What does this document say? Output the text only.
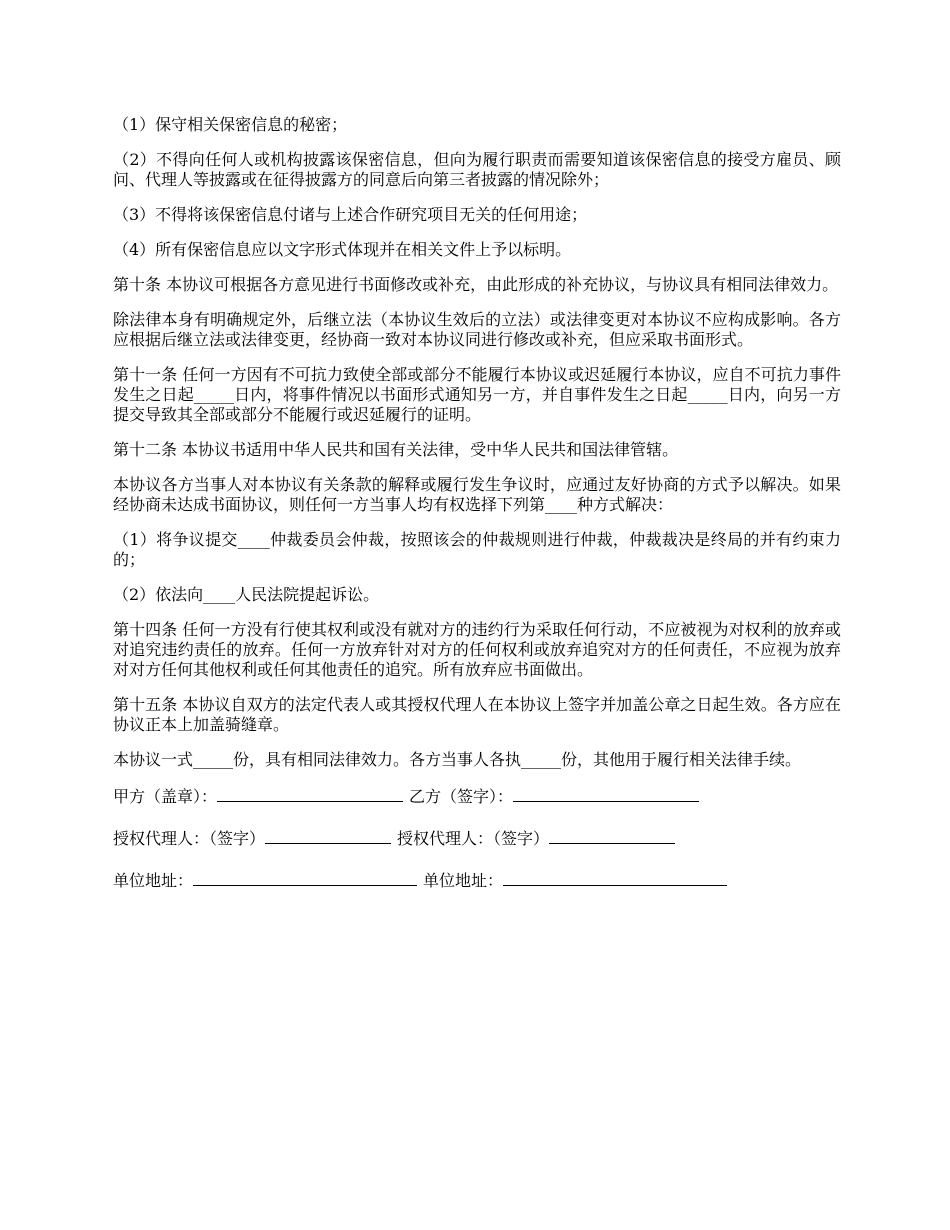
（1）保守相关保密信息的秘密；

（2）不得向任何人或机构披露该保密信息，但向为履行职责而需要知道该保密信息的接受方雇员、顾问、代理人等披露或在征得披露方的同意后向第三者披露的情况除外；

（3）不得将该保密信息付诸与上述合作研究项目无关的任何用途；

（4）所有保密信息应以文字形式体现并在相关文件上予以标明。

第十条 本协议可根据各方意见进行书面修改或补充，由此形成的补充协议，与协议具有相同法律效力。

除法律本身有明确规定外，后继立法（本协议生效后的立法）或法律变更对本协议不应构成影响。各方应根据后继立法或法律变更，经协商一致对本协议同进行修改或补充，但应采取书面形式。

第十一条 任何一方因有不可抗力致使全部或部分不能履行本协议或迟延履行本协议，应自不可抗力事件发生之日起_____日内，将事件情况以书面形式通知另一方，并自事件发生之日起_____日内，向另一方提交导致其全部或部分不能履行或迟延履行的证明。

第十二条 本协议书适用中华人民共和国有关法律，受中华人民共和国法律管辖。

本协议各方当事人对本协议有关条款的解释或履行发生争议时，应通过友好协商的方式予以解决。如果经协商未达成书面协议，则任何一方当事人均有权选择下列第____种方式解决：

（1）将争议提交____仲裁委员会仲裁，按照该会的仲裁规则进行仲裁，仲裁裁决是终局的并有约束力的；

（2）依法向____人民法院提起诉讼。

第十四条 任何一方没有行使其权利或没有就对方的违约行为采取任何行动，不应被视为对权利的放弃或对追究违约责任的放弃。任何一方放弃针对对方的任何权利或放弃追究对方的任何责任，不应视为放弃对对方任何其他权利或任何其他责任的追究。所有放弃应书面做出。

第十五条 本协议自双方的法定代表人或其授权代理人在本协议上签字并加盖公章之日起生效。各方应在协议正本上加盖骑缝章。

本协议一式_____份，具有相同法律效力。各方当事人各执_____份，其他用于履行相关法律手续。

甲方（盖章）：	乙方（签字）：
授权代理人：（签字）	授权代理人：（签字）
单位地址：	单位地址：
